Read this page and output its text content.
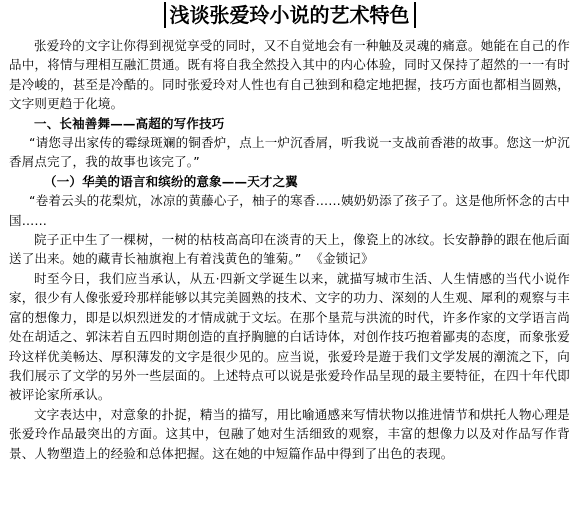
浅谈张爱玲小说的艺术特色

张爱玲的文字让你得到视觉享受的同时，又不自觉地会有一种触及灵魂的痛意。她能在自己的作品中，将情与理相互融汇贯通。既有将自我全然投入其中的内心体验，同时又保持了超然的一一有时是冷峻的，甚至是冷酷的。同时张爱玲对人性也有自己独到和稳定地把握，技巧方面也都相当圆熟，文字则更趋于化境。

一、长袖善舞——高超的写作技巧

“请您寻出家传的霉绿斑斓的铜香炉，点上一炉沉香屑，听我说一支战前香港的故事。您这一炉沉香屑点完了，我的故事也该完了。”

（一）华美的语言和缤纷的意象——天才之翼

“卷着云头的花梨炕，冰凉的黄藤心子，柚子的寒香……姨奶奶添了孩子了。这是他所怀念的古中国……

院子正中生了一棵树，一树的枯枝高高印在淡青的天上，像瓷上的冰纹。长安静静的跟在他后面送了出来。她的藏青长袖旗袍上有着浅黄色的雏菊。” 《金锁记》

时至今日，我们应当承认，从五·四新文学诞生以来，就描写城市生活、人生情感的当代小说作家，很少有人像张爱玲那样能够以其完美圆熟的技术、文字的功力、深刻的人生观、犀利的观察与丰富的想像力，即是以炽烈迸发的才情成就于文坛。在那个垦荒与洪流的时代，许多作家的文学语言尚处在胡适之、郭沫若自五四时期创造的直抒胸臆的白话诗体，对创作技巧抱着鄙夷的态度，而象张爱玲这样优美畅达、厚积薄发的文字是很少见的。应当说，张爱玲是遊于我们文学发展的潮流之下，向我们展示了文学的另外一些层面的。上述特点可以说是张爱玲作品呈现的最主要特征，在四十年代即被评论家所承认。

文字表达中，对意象的扑捉，精当的描写，用比喻通感来写情状物以推进情节和烘托人物心理是张爱玲作品最突出的方面。这其中，包融了她对生活细致的观察，丰富的想像力以及对作品写作背景、人物塑造上的经验和总体把握。这在她的中短篇作品中得到了出色的表现。
